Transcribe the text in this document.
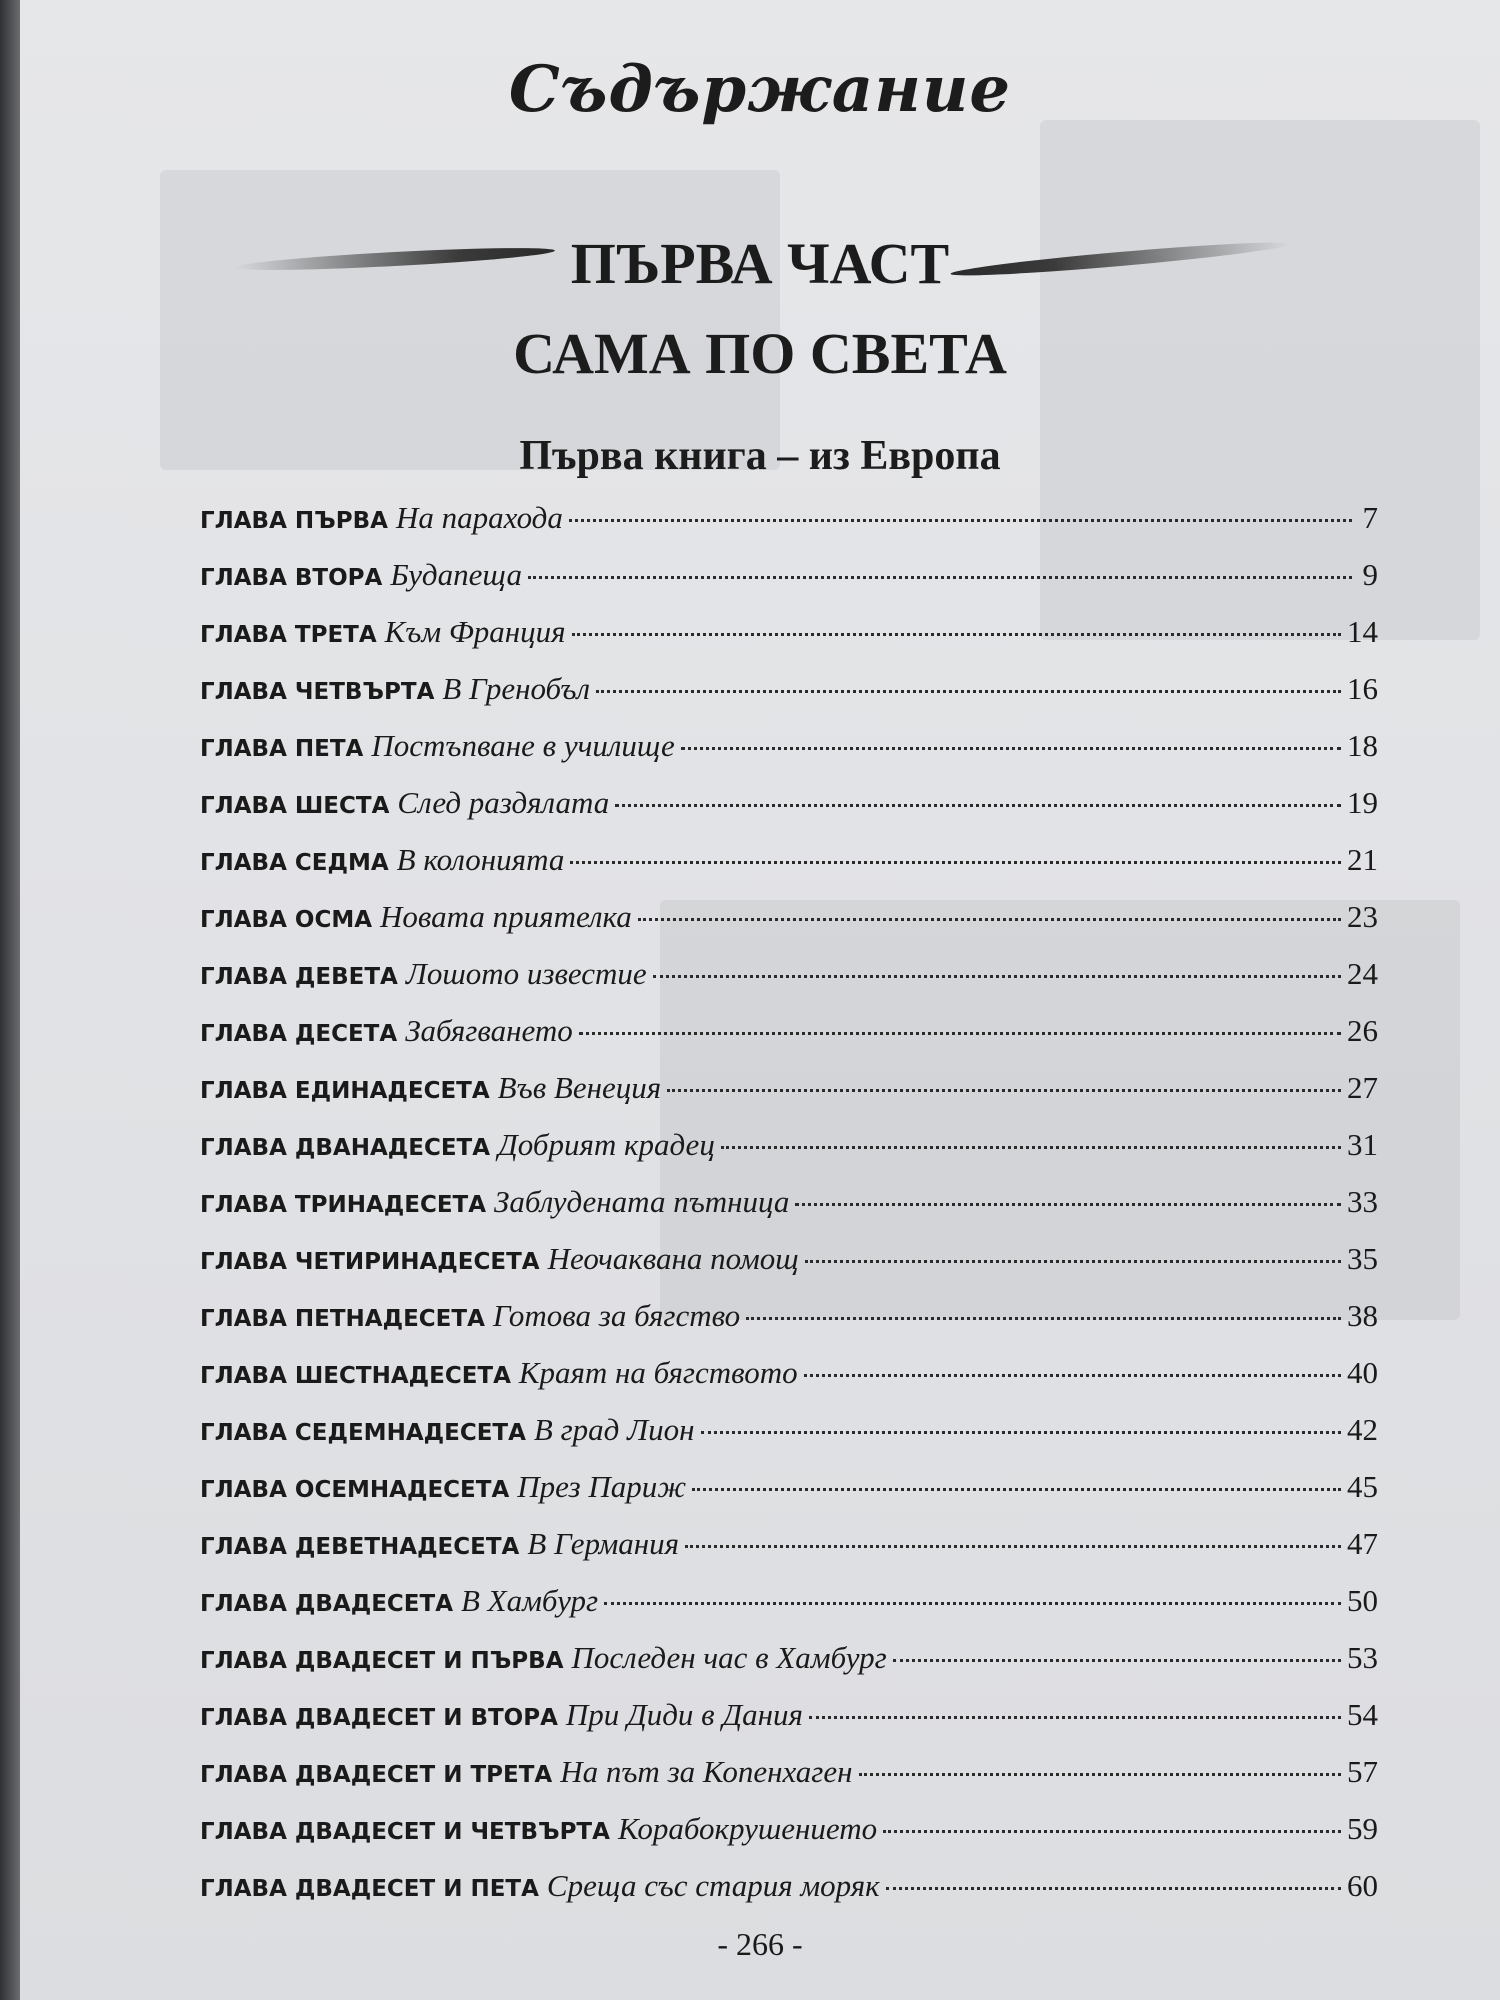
Съдържание
ПЪРВА ЧАСТ
САМА ПО СВЕТА
Първа книга – из Европа
ГЛАВА ПЪРВА На парахода	7
ГЛАВА ВТОРА Будапеща	9
ГЛАВА ТРЕТА Към Франция	14
ГЛАВА ЧЕТВЪРТА В Гренобъл	16
ГЛАВА ПЕТА Постъпване в училище	18
ГЛАВА ШЕСТА След раздялата	19
ГЛАВА СЕДМА В колонията	21
ГЛАВА ОСМА Новата приятелка	23
ГЛАВА ДЕВЕТА Лошото известие	24
ГЛАВА ДЕСЕТА Забягването	26
ГЛАВА ЕДИНАДЕСЕТА Във Венеция	27
ГЛАВА ДВАНАДЕСЕТА Добрият крадец	31
ГЛАВА ТРИНАДЕСЕТА Заблудената пътница	33
ГЛАВА ЧЕТИРИНАДЕСЕТА Неочаквана помощ	35
ГЛАВА ПЕТНАДЕСЕТА Готова за бягство	38
ГЛАВА ШЕСТНАДЕСЕТА Краят на бягството	40
ГЛАВА СЕДЕМНАДЕСЕТА В град Лион	42
ГЛАВА ОСЕМНАДЕСЕТА През Париж	45
ГЛАВА ДЕВЕТНАДЕСЕТА В Германия	47
ГЛАВА ДВАДЕСЕТА В Хамбург	50
ГЛАВА ДВАДЕСЕТ И ПЪРВА Последен час в Хамбург	53
ГЛАВА ДВАДЕСЕТ И ВТОРА При Диди в Дания	54
ГЛАВА ДВАДЕСЕТ И ТРЕТА На път за Копенхаген	57
ГЛАВА ДВАДЕСЕТ И ЧЕТВЪРТА Корабокрушението	59
ГЛАВА ДВАДЕСЕТ И ПЕТА Среща със стария моряк	60
- 266 -
